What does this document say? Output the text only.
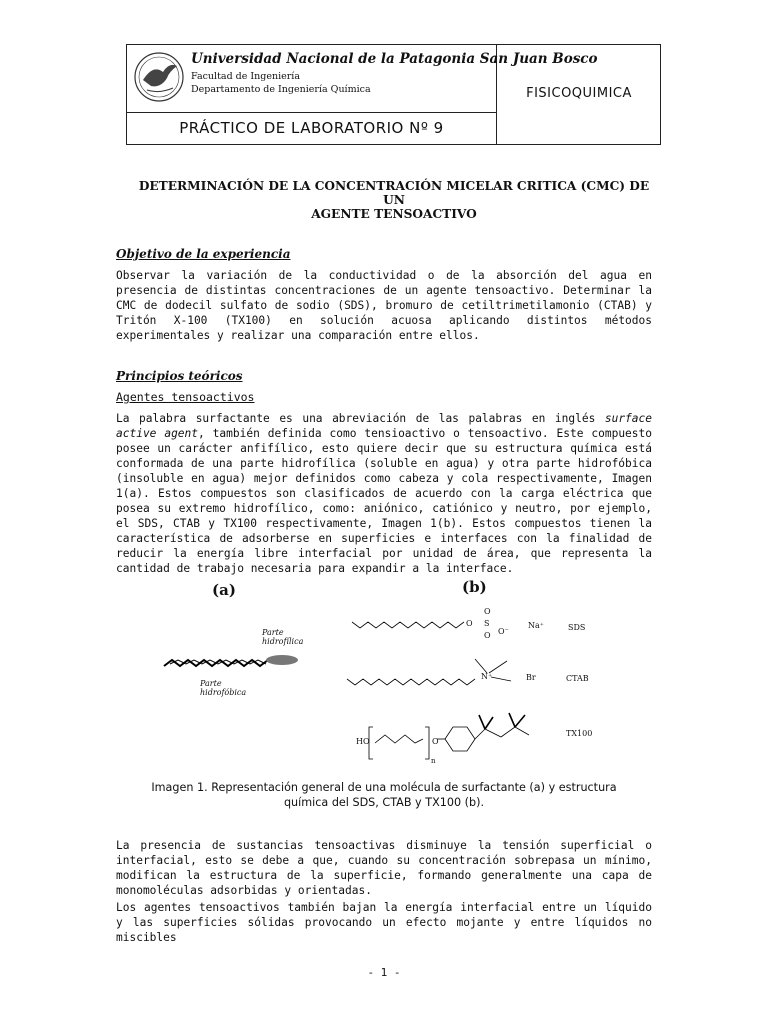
Universidad Nacional de la Patagonia San Juan Bosco
Facultad de Ingeniería
Departamento de Ingeniería Química	FISICOQUIMICA
PRÁCTICO DE LABORATORIO Nº 9
DETERMINACIÓN DE LA CONCENTRACIÓN MICELAR CRITICA (CMC) DE UN
AGENTE TENSOACTIVO
Objetivo de la experiencia
Observar la variación de la conductividad o de la absorción del agua en presencia de distintas concentraciones de un agente tensoactivo. Determinar la CMC de dodecil sulfato de sodio (SDS), bromuro de cetiltrimetilamonio (CTAB) y Tritón X-100 (TX100) en solución acuosa aplicando distintos métodos experimentales y realizar una comparación entre ellos.
Principios teóricos
Agentes tensoactivos
La palabra surfactante es una abreviación de las palabras en inglés surface active agent, también definida como tensioactivo o tensoactivo. Este compuesto posee un carácter anfifílico, esto quiere decir que su estructura química está conformada de una parte hidrofílica (soluble en agua) y otra parte hidrofóbica (insoluble en agua) mejor definidos como cabeza y cola respectivamente, Imagen 1(a). Estos compuestos son clasificados de acuerdo con la carga eléctrica que posea su extremo hidrofílico, como: aniónico, catiónico y neutro, por ejemplo, el SDS, CTAB y TX100 respectivamente, Imagen 1(b). Estos compuestos tienen la característica de adsorberse en superficies e interfaces con la finalidad de reducir la energía libre interfacial por unidad de área, que representa la cantidad de trabajo necesaria para expandir a la interface.
(a)	(b)
Parte
hidrofílica
Parte
hidrofóbica
O S
O
O O⁻
Na⁺	SDS
N⁺	Br	CTAB
HO	O
n
TX100
Imagen 1. Representación general de una molécula de surfactante (a) y estructura
química del SDS, CTAB y TX100 (b).
La presencia de sustancias tensoactivas disminuye la tensión superficial o interfacial, esto se debe a que, cuando su concentración sobrepasa un mínimo, modifican la estructura de la superficie, formando generalmente una capa de monomoléculas adsorbidas y orientadas.
Los agentes tensoactivos también bajan la energía interfacial entre un líquido y las superficies sólidas provocando un efecto mojante y entre líquidos no miscibles
- 1 -
